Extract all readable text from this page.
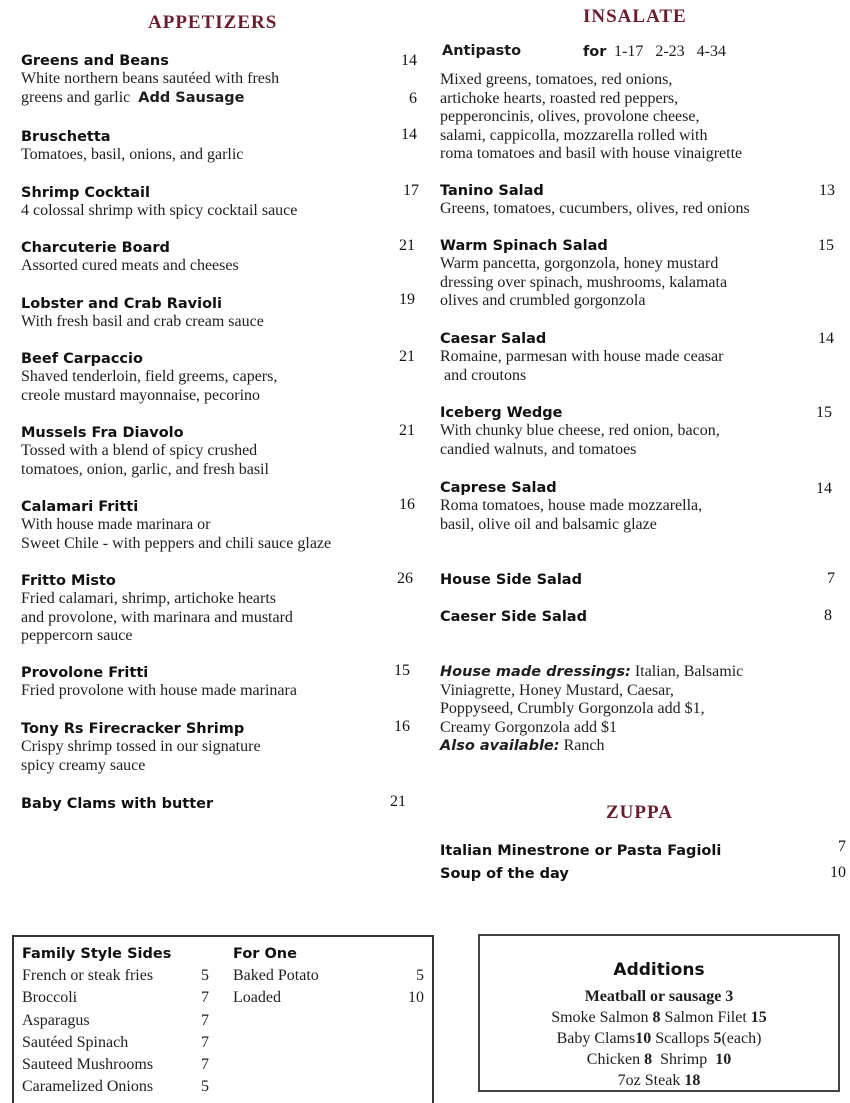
APPETIZERS
Greens and Beans
White northern beans sautéed with fresh
greens and garlic Add Sausage
14
6
Bruschetta
Tomatoes, basil, onions, and garlic
14
Shrimp Cocktail
4 colossal shrimp with spicy cocktail sauce
17
Charcuterie Board
Assorted cured meats and cheeses
21
Lobster and Crab Ravioli
With fresh basil and crab cream sauce
19
Beef Carpaccio
Shaved tenderloin, field greems, capers,
creole mustard mayonnaise, pecorino
21
Mussels Fra Diavolo
Tossed with a blend of spicy crushed
tomatoes, onion, garlic, and fresh basil
21
Calamari Fritti
With house made marinara or
Sweet Chile - with peppers and chili sauce glaze
16
Fritto Misto
Fried calamari, shrimp, artichoke hearts
and provolone, with marinara and mustard
peppercorn sauce
26
Provolone Fritti
Fried provolone with house made marinara
15
Tony Rs Firecracker Shrimp
Crispy shrimp tossed in our signature
spicy creamy sauce
16
Baby Clams with butter	21
INSALATE
Antipasto	for 1-17   2-23   4-34
Mixed greens, tomatoes, red onions,
artichoke hearts, roasted red peppers,
pepperoncinis, olives, provolone cheese,
salami, cappicolla, mozzarella rolled with
roma tomatoes and basil with house vinaigrette
Tanino Salad
Greens, tomatoes, cucumbers, olives, red onions
13
Warm Spinach Salad
Warm pancetta, gorgonzola, honey mustard
dressing over spinach, mushrooms, kalamata
olives and crumbled gorgonzola
15
Caesar Salad
Romaine, parmesan with house made ceasar
and croutons
14
Iceberg Wedge
With chunky blue cheese, red onion, bacon,
candied walnuts, and tomatoes
15
Caprese Salad
Roma tomatoes, house made mozzarella,
basil, olive oil and balsamic glaze
14
House Side Salad	7
Caeser Side Salad	8
House made dressings: Italian, Balsamic
Viniagrette, Honey Mustard, Caesar,
Poppyseed, Crumbly Gorgonzola add $1,
Creamy Gorgonzola add $1
Also available: Ranch
ZUPPA
Italian Minestrone or Pasta Fagioli	7
Soup of the day	10
Family Style Sides	For One
French or steak fries	5
Broccoli	7
Asparagus	7
Sautéed Spinach	7
Sauteed Mushrooms	7
Caramelized Onions	5
Baked Potato	5
Loaded	10
Additions
Meatball or sausage 3
Smoke Salmon 8 Salmon Filet 15
Baby Clams10 Scallops 5(each)
Chicken 8  Shrimp  10
7oz Steak 18
